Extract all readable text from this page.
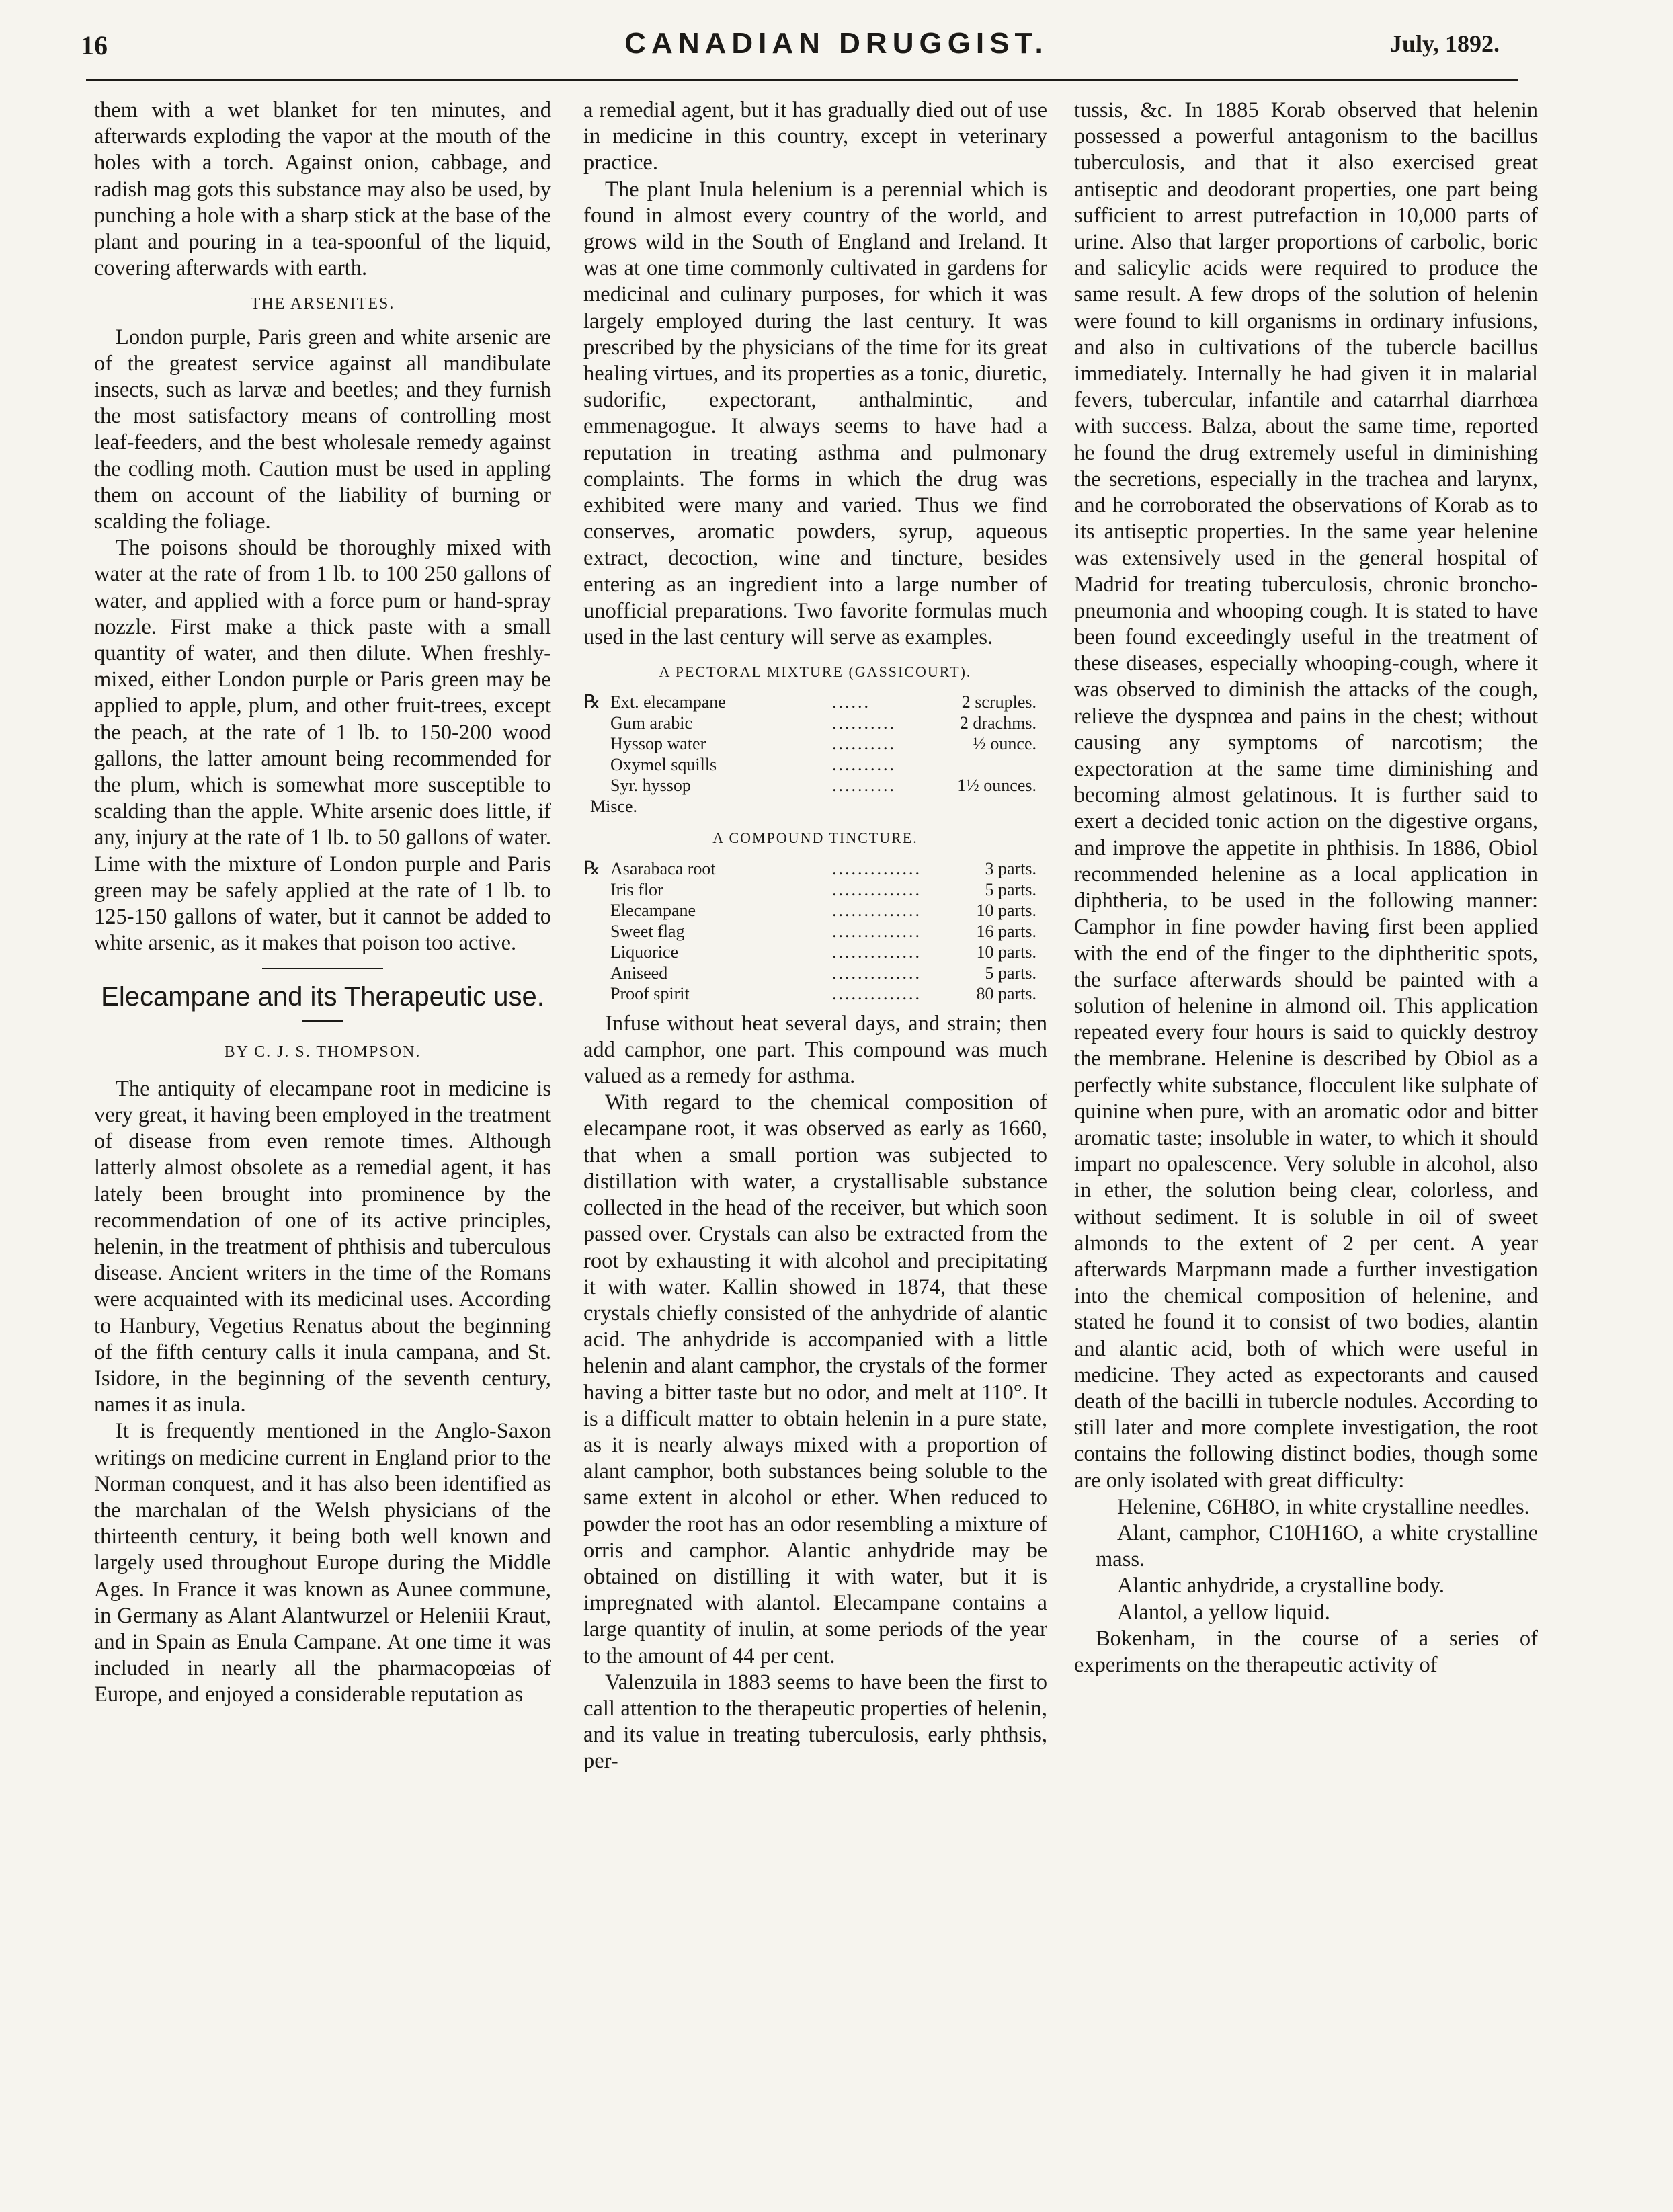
16	CANADIAN DRUGGIST.	July, 1892.

them with a wet blanket for ten minutes, and afterwards exploding the vapor at the mouth of the holes with a torch. Against onion, cabbage, and radish mag gots this substance may also be used, by punching a hole with a sharp stick at the base of the plant and pouring in a tea-spoonful of the liquid, covering afterwards with earth.

THE ARSENITES.

London purple, Paris green and white arsenic are of the greatest service against all mandibulate insects, such as larvæ and beetles; and they furnish the most satisfactory means of controlling most leaf-feeders, and the best wholesale remedy against the codling moth. Caution must be used in appling them on account of the liability of burning or scalding the foliage.

The poisons should be thoroughly mixed with water at the rate of from 1 lb. to 100 250 gallons of water, and applied with a force pum or hand-spray nozzle. First make a thick paste with a small quantity of water, and then dilute. When freshly-mixed, either London purple or Paris green may be applied to apple, plum, and other fruit-trees, except the peach, at the rate of 1 lb. to 150-200 wood gallons, the latter amount being recommended for the plum, which is somewhat more susceptible to scalding than the apple. White arsenic does little, if any, injury at the rate of 1 lb. to 50 gallons of water. Lime with the mixture of London purple and Paris green may be safely applied at the rate of 1 lb. to 125-150 gallons of water, but it cannot be added to white arsenic, as it makes that poison too active.

Elecampane and its Therapeutic use.
BY C. J. S. THOMPSON.

The antiquity of elecampane root in medicine is very great, it having been employed in the treatment of disease from even remote times. Although latterly almost obsolete as a remedial agent, it has lately been brought into prominence by the recommendation of one of its active principles, helenin, in the treatment of phthisis and tuberculous disease. Ancient writers in the time of the Romans were acquainted with its medicinal uses. According to Hanbury, Vegetius Renatus about the beginning of the fifth century calls it inula campana, and St. Isidore, in the beginning of the seventh century, names it as inula.

It is frequently mentioned in the Anglo-Saxon writings on medicine current in England prior to the Norman conquest, and it has also been identified as the marchalan of the Welsh physicians of the thirteenth century, it being both well known and largely used throughout Europe during the Middle Ages. In France it was known as Aunee commune, in Germany as Alant Alantwurzel or Heleniii Kraut, and in Spain as Enula Campane. At one time it was included in nearly all the pharmacopœias of Europe, and enjoyed a considerable reputation as

a remedial agent, but it has gradually died out of use in medicine in this country, except in veterinary practice.

The plant Inula helenium is a perennial which is found in almost every country of the world, and grows wild in the South of England and Ireland. It was at one time commonly cultivated in gardens for medicinal and culinary purposes, for which it was largely employed during the last century. It was prescribed by the physicians of the time for its great healing virtues, and its properties as a tonic, diuretic, sudorific, expectorant, anthalmintic, and emmenagogue. It always seems to have had a reputation in treating asthma and pulmonary complaints. The forms in which the drug was exhibited were many and varied. Thus we find conserves, aromatic powders, syrup, aqueous extract, decoction, wine and tincture, besides entering as an ingredient into a large number of unofficial preparations. Two favorite formulas much used in the last century will serve as examples.

A PECTORAL MIXTURE (GASSICOURT).
℞ Ext. elecampane	......	2 scruples.
Gum arabic	..........	2 drachms.
Hyssop water	..........	½ ounce.
Oxymel squills	..........
Syr. hyssop	..........	1½ ounces.
Misce.
A COMPOUND TINCTURE.
℞ Asarabaca root	..............	3 parts.
Iris flor	..............	5 parts.
Elecampane	..............	10 parts.
Sweet flag	..............	16 parts.
Liquorice	..............	10 parts.
Aniseed	..............	5 parts.
Proof spirit	..............	80 parts.

Infuse without heat several days, and strain; then add camphor, one part. This compound was much valued as a remedy for asthma.

With regard to the chemical composition of elecampane root, it was observed as early as 1660, that when a small portion was subjected to distillation with water, a crystallisable substance collected in the head of the receiver, but which soon passed over. Crystals can also be extracted from the root by exhausting it with alcohol and precipitating it with water. Kallin showed in 1874, that these crystals chiefly consisted of the anhydride of alantic acid. The anhydride is accompanied with a little helenin and alant camphor, the crystals of the former having a bitter taste but no odor, and melt at 110°. It is a difficult matter to obtain helenin in a pure state, as it is nearly always mixed with a proportion of alant camphor, both substances being soluble to the same extent in alcohol or ether. When reduced to powder the root has an odor resembling a mixture of orris and camphor. Alantic anhydride may be obtained on distilling it with water, but it is impregnated with alantol. Elecampane contains a large quantity of inulin, at some periods of the year to the amount of 44 per cent.

Valenzuila in 1883 seems to have been the first to call attention to the therapeutic properties of helenin, and its value in treating tuberculosis, early phthsis, per-

tussis, &c. In 1885 Korab observed that helenin possessed a powerful antagonism to the bacillus tuberculosis, and that it also exercised great antiseptic and deodorant properties, one part being sufficient to arrest putrefaction in 10,000 parts of urine. Also that larger proportions of carbolic, boric and salicylic acids were required to produce the same result. A few drops of the solution of helenin were found to kill organisms in ordinary infusions, and also in cultivations of the tubercle bacillus immediately. Internally he had given it in malarial fevers, tubercular, infantile and catarrhal diarrhœa with success. Balza, about the same time, reported he found the drug extremely useful in diminishing the secretions, especially in the trachea and larynx, and he corroborated the observations of Korab as to its antiseptic properties. In the same year helenine was extensively used in the general hospital of Madrid for treating tuberculosis, chronic broncho-pneumonia and whooping cough. It is stated to have been found exceedingly useful in the treatment of these diseases, especially whooping-cough, where it was observed to diminish the attacks of the cough, relieve the dyspnœa and pains in the chest; without causing any symptoms of narcotism; the expectoration at the same time diminishing and becoming almost gelatinous. It is further said to exert a decided tonic action on the digestive organs, and improve the appetite in phthisis. In 1886, Obiol recommended helenine as a local application in diphtheria, to be used in the following manner: Camphor in fine powder having first been applied with the end of the finger to the diphtheritic spots, the surface afterwards should be painted with a solution of helenine in almond oil. This application repeated every four hours is said to quickly destroy the membrane. Helenine is described by Obiol as a perfectly white substance, flocculent like sulphate of quinine when pure, with an aromatic odor and bitter aromatic taste; insoluble in water, to which it should impart no opalescence. Very soluble in alcohol, also in ether, the solution being clear, colorless, and without sediment. It is soluble in oil of sweet almonds to the extent of 2 per cent. A year afterwards Marpmann made a further investigation into the chemical composition of helenine, and stated he found it to consist of two bodies, alantin and alantic acid, both of which were useful in medicine. They acted as expectorants and caused death of the bacilli in tubercle nodules. According to still later and more complete investigation, the root contains the following distinct bodies, though some are only isolated with great difficulty:

Helenine, C6H8O, in white crystalline needles.

Alant, camphor, C10H16O, a white crystalline mass.

Alantic anhydride, a crystalline body.

Alantol, a yellow liquid.

Bokenham, in the course of a series of experiments on the therapeutic activity of
